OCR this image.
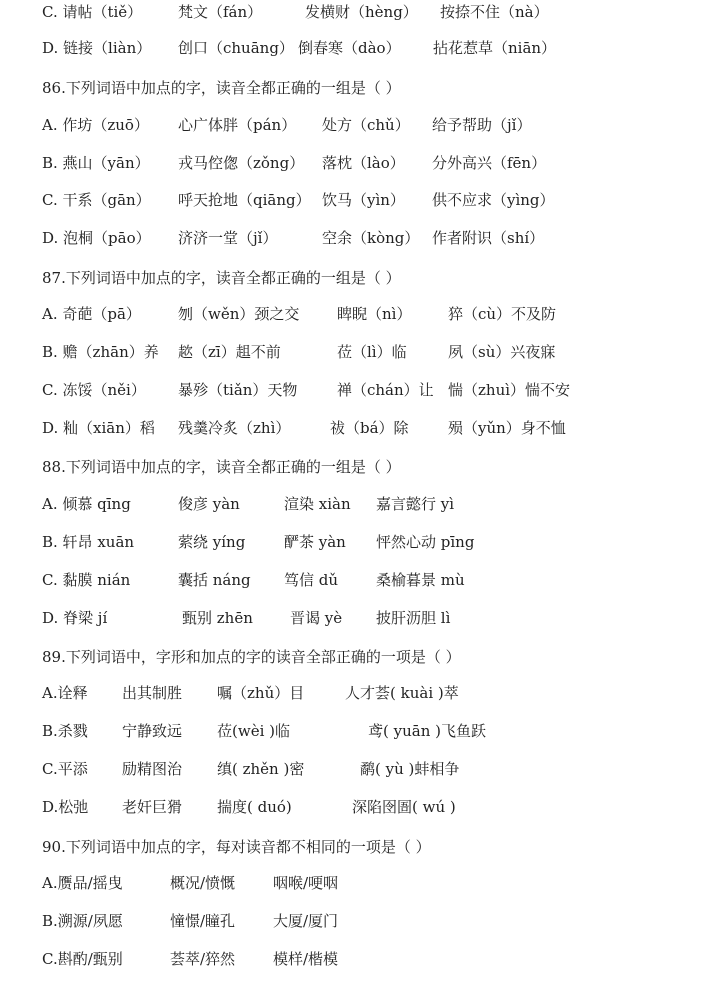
C. 请帖（tiě） 梵文（fán）	发横财（hèng） 按捺不住（nà）
D. 链接（liàn） 创口（chuāng） 倒春寒（dào） 拈花惹草（niān）
86.下列词语中加点的字，读音全都正确的一组是（ ）
A. 作坊（zuō） 心广体胖（pán） 处方（chǔ） 给予帮助（jǐ）
B. 燕山（yān） 戎马倥偬（zǒng） 落枕（lào） 分外高兴（fēn）
C. 干系（gān） 呼天抢地（qiāng） 饮马（yìn） 供不应求（yìng）
D. 泡桐（pāo） 济济一堂（jǐ）	空余（kòng） 作者附识（shí）
87.下列词语中加点的字，读音全都正确的一组是（ ）
A. 奇葩（pā） 刎（wěn）颈之交	睥睨（nì） 猝（cù）不及防
B. 赡（zhān）养 趑（zī）趄不前	莅（lì）临	夙（sù）兴夜寐
C. 冻馁（něi） 暴殄（tiǎn）天物	禅（chán）让 惴（zhuì）惴不安
D. 籼（xiān）稻 残羹冷炙（zhì）	祓（bá）除	殒（yǔn）身不恤
88.下列词语中加点的字，读音全都正确的一组是（ ）
A. 倾慕 qīng	俊彦 yàn	渲染 xiàn 嘉言懿行 yì
B. 轩昂 xuān	萦绕 yíng	酽茶 yàn 怦然心动 pīng
C. 黏膜 nián	囊括 náng 笃信 dǔ	桑榆暮景 mù
D. 脊梁 jí	甄别 zhēn 晋谒 yè 披肝沥胆 lì
89.下列词语中，字形和加点的字的读音全部正确的一项是（ ）
A.诠释 出其制胜 嘱（zhǔ）目	人才荟( kuài )萃
B.杀戮 宁静致远 莅(wèi )临	鸢( yuān )飞鱼跃
C.平添 励精图治 缜( zhěn )密	鹬( yù )蚌相争
D.松弛 老奸巨猾 揣度( duó)	深陷囹圄( wú )
90.下列词语中加点的字，每对读音都不相同的一项是（ ）
A.赝品/摇曳	概况/愤慨	咽喉/哽咽
B.溯源/夙愿	憧憬/瞳孔	大厦/厦门
C.斟酌/甄别	荟萃/猝然	模样/楷模
